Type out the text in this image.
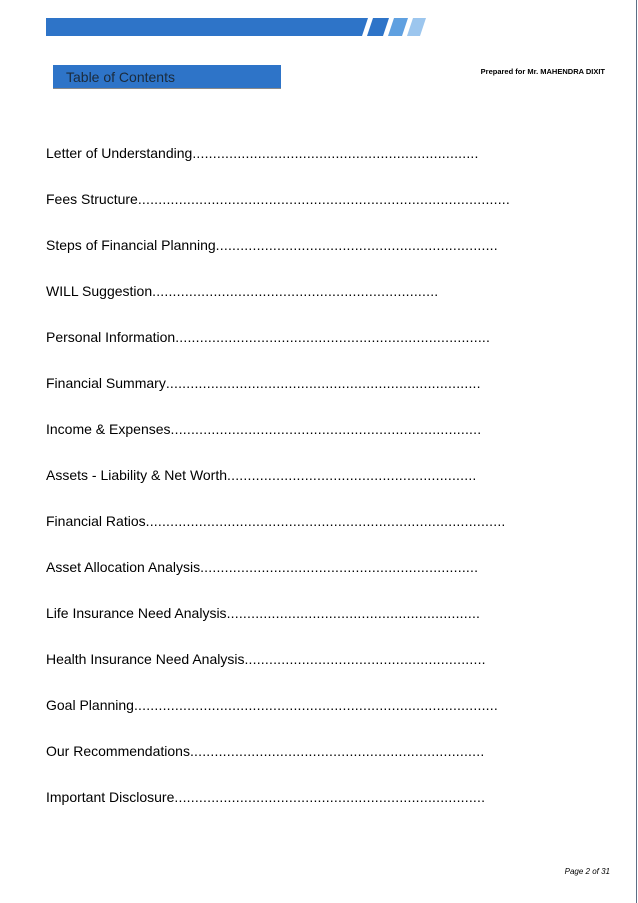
Table of Contents	Prepared for Mr. MAHENDRA DIXIT
Letter of Understanding......................................................................
Fees Structure...........................................................................................
Steps of Financial Planning.....................................................................
WILL Suggestion......................................................................
Personal Information.............................................................................
Financial Summary.............................................................................
Income & Expenses............................................................................
Assets - Liability & Net Worth.............................................................
Financial Ratios........................................................................................
Asset Allocation Analysis....................................................................
Life Insurance Need Analysis..............................................................
Health Insurance Need Analysis...........................................................
Goal Planning.........................................................................................
Our Recommendations........................................................................
Important Disclosure............................................................................
Page 2 of 31
